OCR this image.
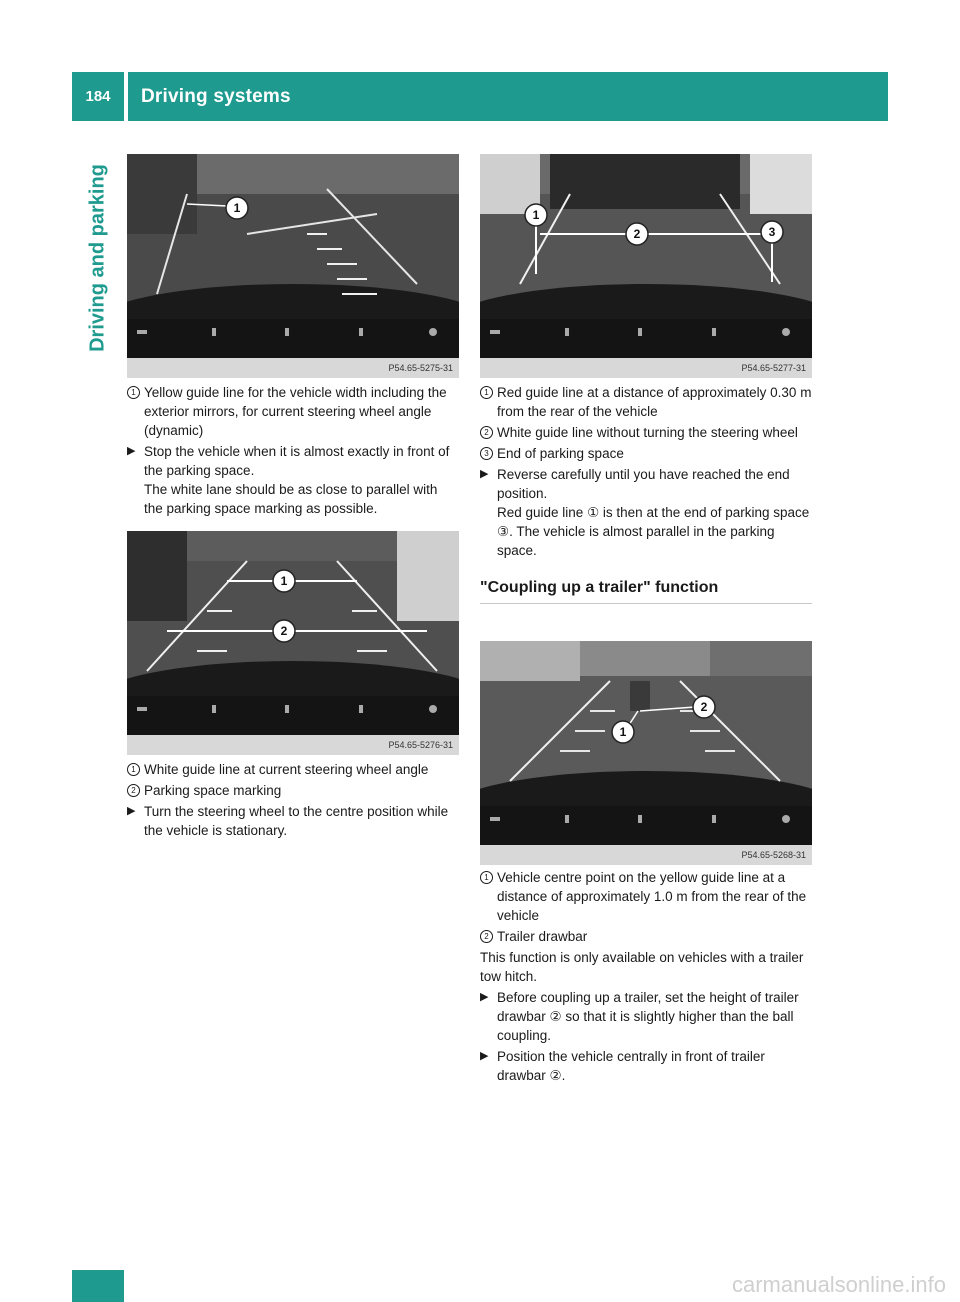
184	Driving systems
Driving and parking	1
P54.65-5275-31
1 Yellow guide line for the vehicle width including the exterior mirrors, for current steering wheel angle (dynamic)
▶ Stop the vehicle when it is almost exactly in front of the parking space.
The white lane should be as close to parallel with the parking space marking as possible.
1
2
P54.65-5276-31
1 White guide line at current steering wheel angle
2 Parking space marking
▶ Turn the steering wheel to the centre position while the vehicle is stationary.
1
2	3
P54.65-5277-31
1 Red guide line at a distance of approximately 0.30 m from the rear of the vehicle
2 White guide line without turning the steering wheel
3 End of parking space
▶ Reverse carefully until you have reached the end position.
Red guide line ① is then at the end of parking space ③. The vehicle is almost parallel in the parking space.
"Coupling up a trailer" function
1
2
P54.65-5268-31
1 Vehicle centre point on the yellow guide line at a distance of approximately 1.0 m from the rear of the vehicle
2 Trailer drawbar
This function is only available on vehicles with a trailer tow hitch.
▶ Before coupling up a trailer, set the height of trailer drawbar ② so that it is slightly higher than the ball coupling.
▶ Position the vehicle centrally in front of trailer drawbar ②.
carmanualsonline.info
